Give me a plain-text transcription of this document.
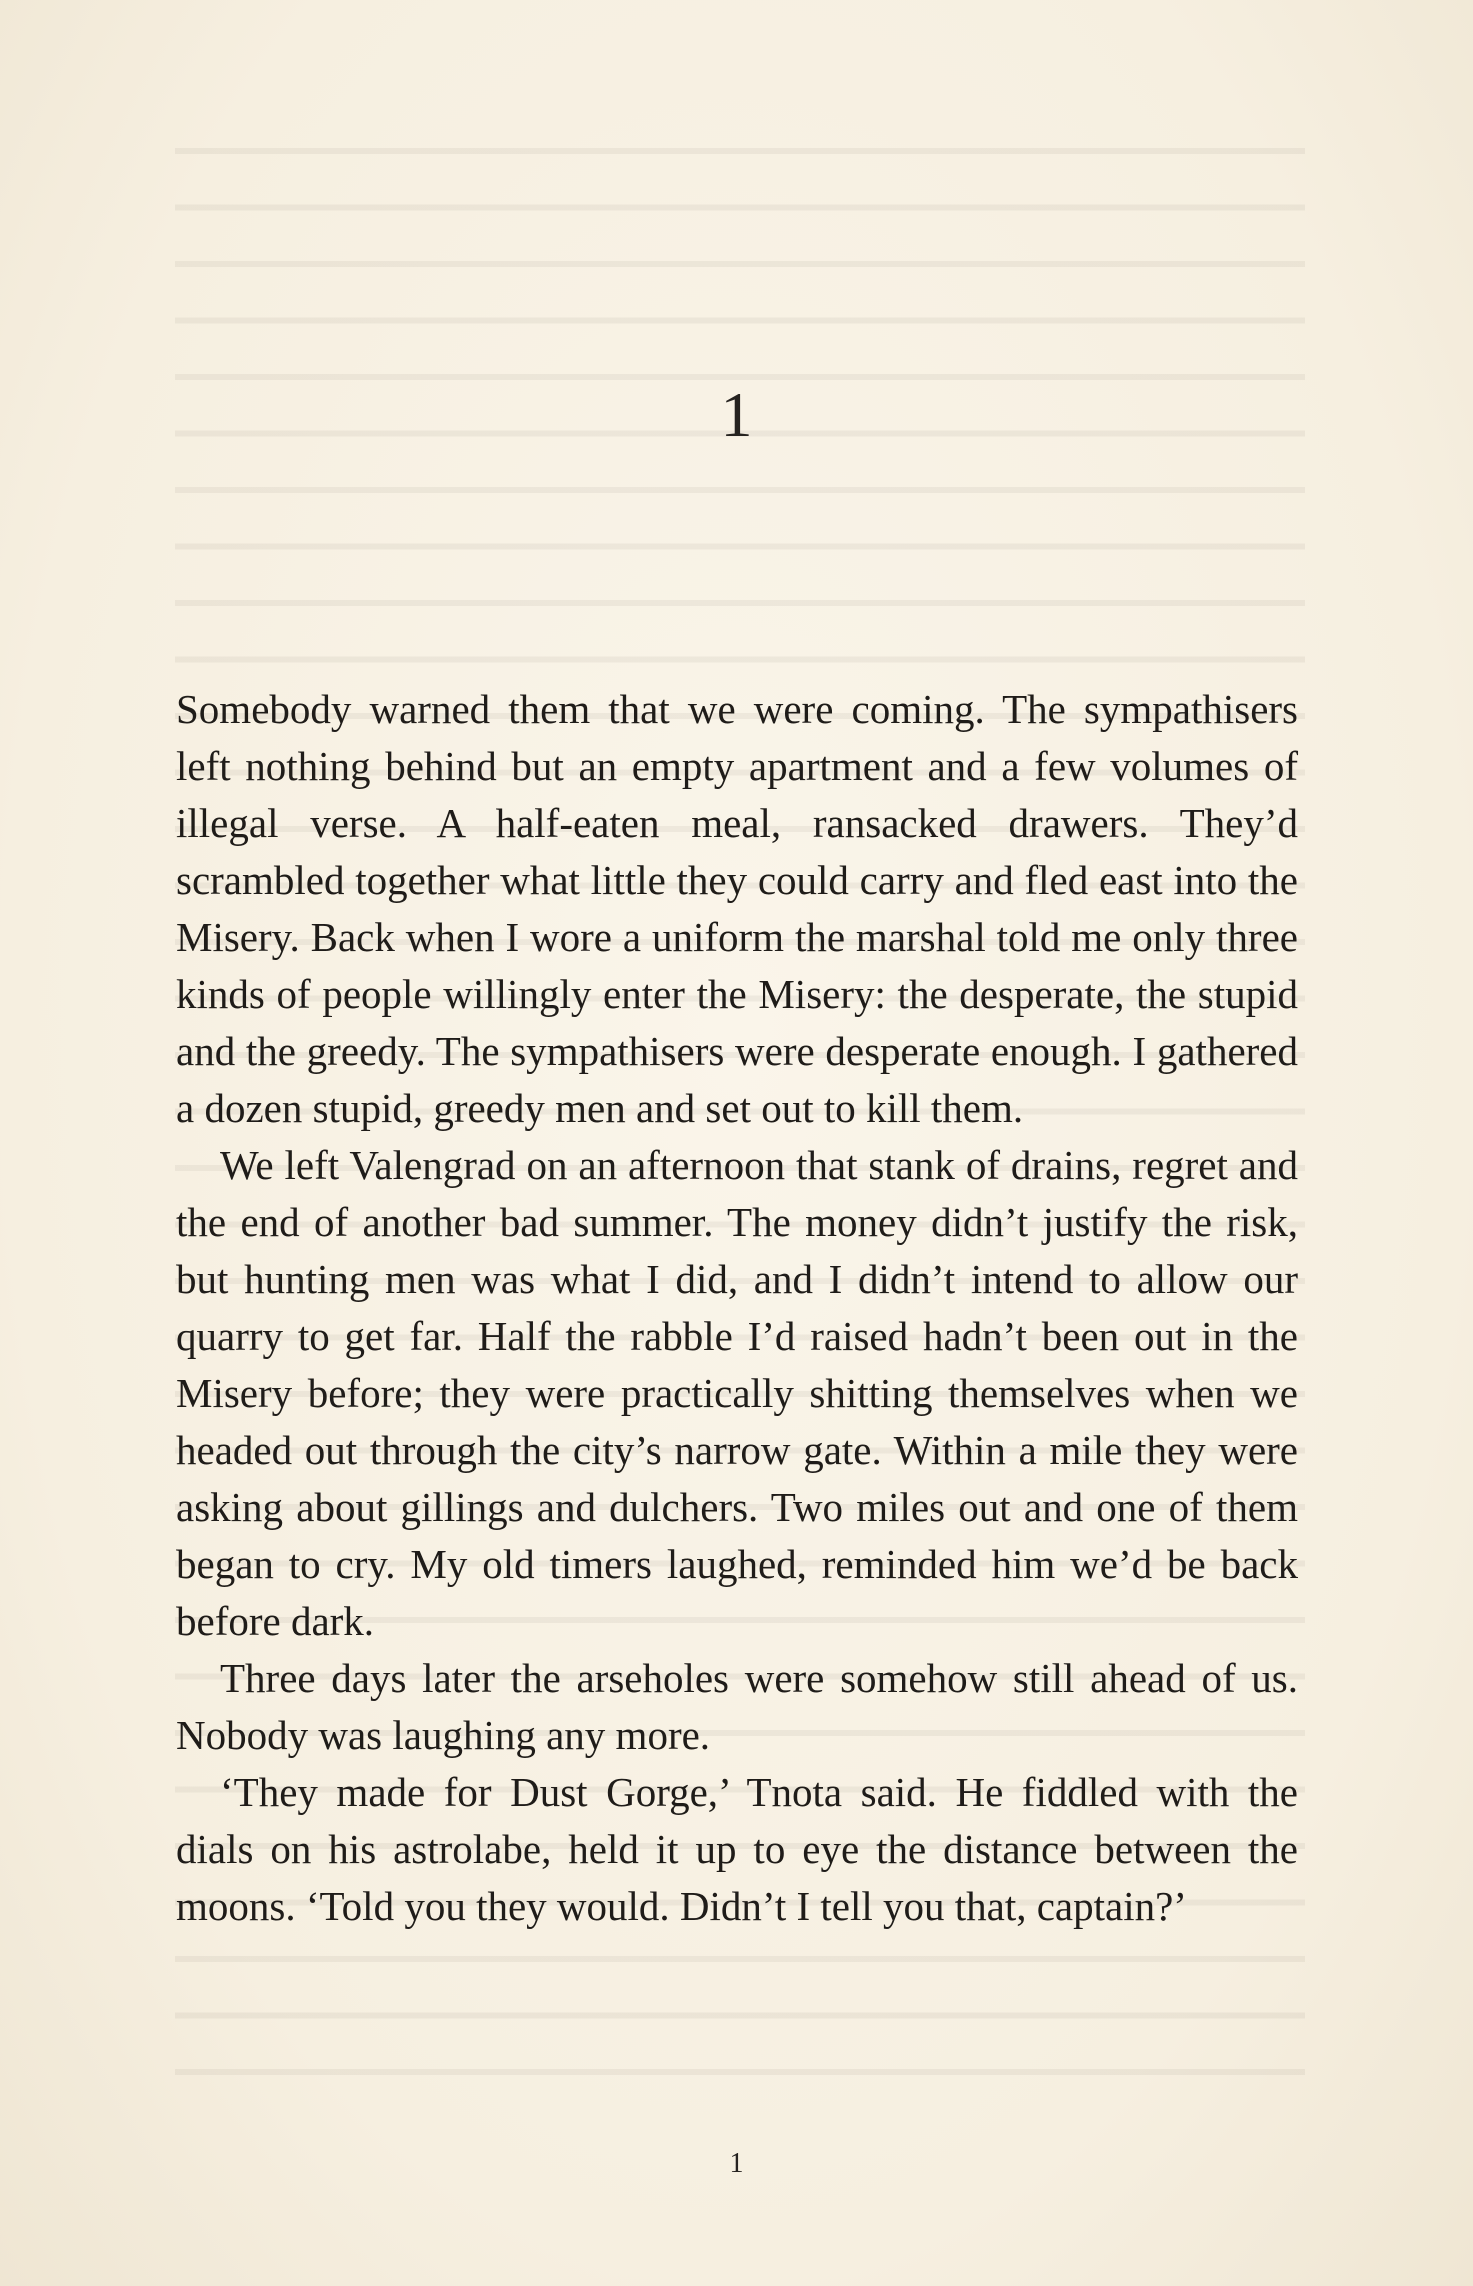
1

Somebody warned them that we were coming. The sympathisers left nothing behind but an empty apartment and a few volumes of illegal verse. A half-eaten meal, ransacked drawers. They’d scrambled together what little they could carry and fled east into the Misery. Back when I wore a uniform the marshal told me only three kinds of people willingly enter the Misery: the desperate, the stupid and the greedy. The sympathisers were desperate enough. I gathered a dozen stupid, greedy men and set out to kill them.

We left Valengrad on an afternoon that stank of drains, regret and the end of another bad summer. The money didn’t justify the risk, but hunting men was what I did, and I didn’t intend to allow our quarry to get far. Half the rabble I’d raised hadn’t been out in the Misery before; they were practically shitting themselves when we headed out through the city’s narrow gate. Within a mile they were asking about gillings and dulchers. Two miles out and one of them began to cry. My old timers laughed, reminded him we’d be back before dark.

Three days later the arseholes were somehow still ahead of us. Nobody was laughing any more.

‘They made for Dust Gorge,’ Tnota said. He fiddled with the dials on his astrolabe, held it up to eye the distance between the moons. ‘Told you they would. Didn’t I tell you that, captain?’

1
